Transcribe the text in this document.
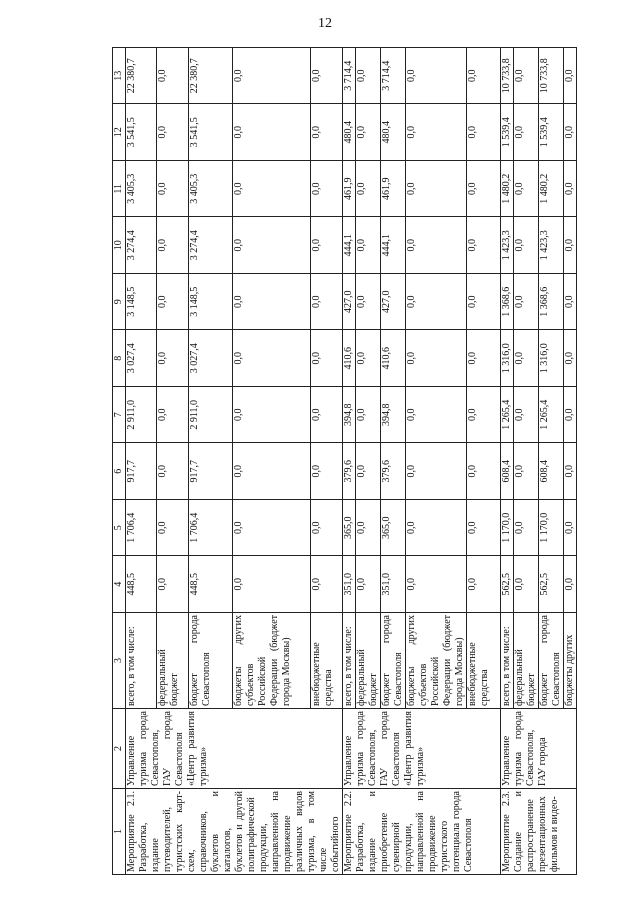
12
1	2	3	4	5	6	7	8	9	10	11	12	13
Мероприятие 2.1. Разработка, издание путеводителей, туристских карт-схем, справочников, буклетов и каталогов, буклетов и другой полиграфической продукции, направленной на продвижение различных видов туризма, в том числе событийного	Управление туризма города Севастополя, ГАУ города Севастополя «Центр развития туризма»	всего, в том числе:	448,5	1 706,4	917,7	2 911,0	3 027,4	3 148,5	3 274,4	3 405,3	3 541,5	22 380,7
		федеральный бюджет	0,0	0,0	0,0	0,0	0,0	0,0	0,0	0,0	0,0	0,0
		бюджет города Севастополя	448,5	1 706,4	917,7	2 911,0	3 027,4	3 148,5	3 274,4	3 405,3	3 541,5	22 380,7
		бюджеты других субъектов Российской Федерации (бюджет города Москвы)	0,0	0,0	0,0	0,0	0,0	0,0	0,0	0,0	0,0	0,0
		внебюджетные средства	0,0	0,0	0,0	0,0	0,0	0,0	0,0	0,0	0,0	0,0
Мероприятие 2.2. Разработка, издание и приобретение сувенирной продукции, направленной на продвижение туристского потенциала города Севастополя	Управление туризма города Севастополя, ГАУ города Севастополя «Центр развития туризма»	всего, в том числе:	351,0	365,0	379,6	394,8	410,6	427,0	444,1	461,9	480,4	3 714,4
		федеральный бюджет	0,0	0,0	0,0	0,0	0,0	0,0	0,0	0,0	0,0	0,0
		бюджет города Севастополя	351,0	365,0	379,6	394,8	410,6	427,0	444,1	461,9	480,4	3 714,4
		бюджеты других субъектов Российской Федерации (бюджет города Москвы)	0,0	0,0	0,0	0,0	0,0	0,0	0,0	0,0	0,0	0,0
		внебюджетные средства	0,0	0,0	0,0	0,0	0,0	0,0	0,0	0,0	0,0	0,0
Мероприятие 2.3. Создание и распространение презентационных фильмов и видео-	Управление туризма города Севастополя, ГАУ города	всего, в том числе:	562,5	1 170,0	608,4	1 265,4	1 316,0	1 368,6	1 423,3	1 480,2	1 539,4	10 733,8
		федеральный бюджет	0,0	0,0	0,0	0,0	0,0	0,0	0,0	0,0	0,0	0,0
		бюджет города Севастополя	562,5	1 170,0	608,4	1 265,4	1 316,0	1 368,6	1 423,3	1 480,2	1 539,4	10 733,8
		бюджеты других	0,0	0,0	0,0	0,0	0,0	0,0	0,0	0,0	0,0	0,0
